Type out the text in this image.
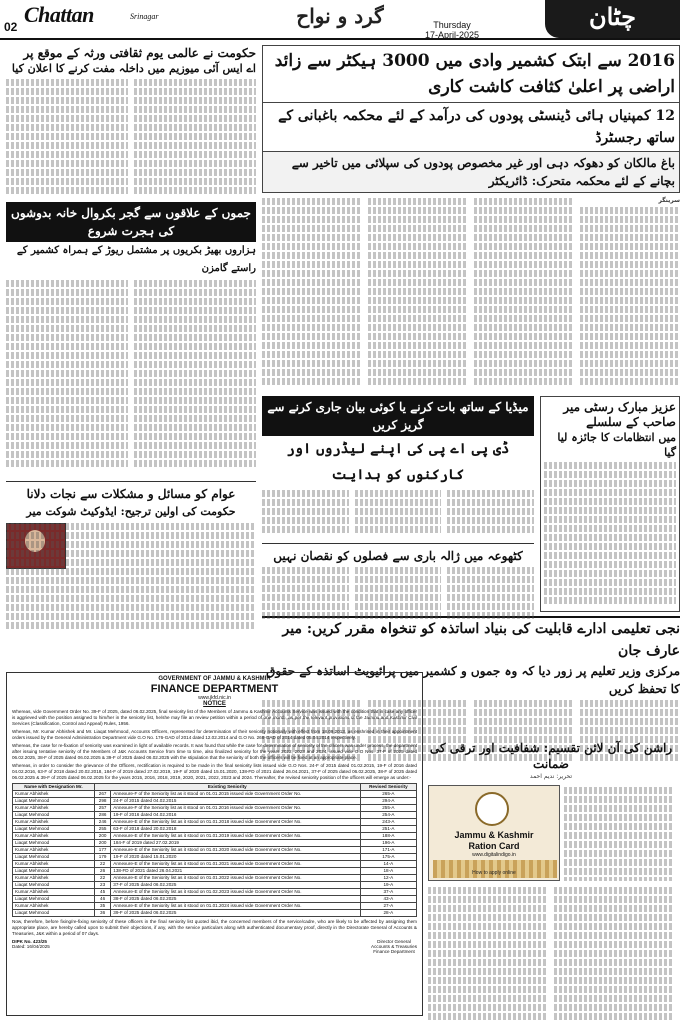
02 Chattan	Srinagar	گرد و نواح	Thursday
17-April-2025
چٹان
2016 سے ابتک کشمیر وادی میں 3000 ہیکٹر سے زائد اراضی پر اعلیٰ کثافت کاشت کاری
12 کمپنیاں ہائی ڈینسٹی پودوں کی درآمد کے لئے محکمہ باغبانی کے ساتھ رجسٹرڈ
باغ مالکان کو دھوکہ دہی اور غیر مخصوص پودوں کی سپلائی میں تاخیر سے بچانے کے لئے محکمہ متحرک: ڈائریکٹر
سرینگر
عزیز مبارک رسٹی میر صاحب کے سلسلے
میں انتظامات کا جائزہ لیا گیا
میڈیا کے ساتھ بات کرنے یا کوئی بیان جاری کرنے سے گریز کریں
ڈی پی اے پی کی اپنے لیڈروں اور کارکنوں کو ہدایت
کٹھوعہ میں ژالہ باری سے فصلوں کو نقصان نہیں
نجی تعلیمی ادارے قابلیت کی بنیاد اساتذہ کو تنخواہ مقرر کریں: میر عارف جان
مرکزی وزیر تعلیم پر زور دیا کہ وہ جموں و کشمیر میں پرائیویٹ اساتذہ کے حقوق کا تحفظ کریں
حکومت نے عالمی یوم ثقافتی ورثہ کے موقع پر
اے ایس آئی میوزیم میں داخلہ مفت کرنے کا اعلان کیا
جموں کے علاقوں سے گجر بکروال خانہ بدوشوں کی ہجرت شروع
ہزاروں بھیڑ بکریوں پر مشتمل ریوڑ کے ہمراہ کشمیر کے راستے گامزن
عوام کو مسائل و مشکلات سے نجات دلانا
حکومت کی اولین ترجیح: ایڈوکیٹ شوکت میر
GOVERNMENT OF JAMMU & KASHMIR
FINANCE DEPARTMENT
www.jkfd.nic.in
NOTICE
Whereas, vide Government Order No. 39-F of 2025, dated 06.02.2025, final seniority list of the Members of Jammu & Kashmir Accounts Service was issued with the condition that in case any officer is aggrieved with the position assigned to him/her in the seniority list, he/she may file an review petition within a period of one month, as per the relevant provisions of the Jammu and Kashmir Civil Services (Classification, Control and Appeal) Rules, 1956.
Whereas, Mr. Kumar Abhishek and Mr. Liaqat Mehmood, Accounts Officers, represented for determination of their seniority notionally with effect from 18.09.2013, as enshrined in their appointment orders issued by the General Administration Department vide G.O No. 176-GAD of 2014 dated 12.02.2014 and G.O No. 268-GAD of 2014 dated 05.04.2014 respectively.
Whereas, the case for re-fixation of seniority was examined in light of available records. It was found that while the case for determination of seniority of the officers was under process, the department after issuing tentative seniority of the Members of J&K Accounts Service from time to time, also finalized seniority for the years 2022, 2023 and 2024, issued vide G.O Nos. 37-F of 2025 dated 06.02.2025, 38-F of 2025 dated 06.02.2025 & 39-F of 2025 dated 06.02.2025 with the stipulation that the seniority of both the officers will be fixed at an appropriate place.
Whereas, in order to consider the grievance of the Officers, rectification is required to be made in the final seniority lists issued vide G.O Nos. 24-F of 2015 dated 01.02.2015, 19-F of 2016 dated 04.02.2016, 63-F of 2018 dated 20.02.2018, 184-F of 2019 dated 27.02.2019, 19-F of 2020 dated 15.01.2020, 138-FD of 2021 dated 26.04.2021, 37-F of 2025 dated 06.02.2025, 38-F of 2025 dated 06.02.2025 & 39-F of 2025 dated 06.02.2025 for the years 2015, 2016, 2018, 2019, 2020, 2021, 2022, 2023 and 2024. Thereafter, the revised seniority position of the officers will emerge as under:-
Name with Designation Mr.	Existing Seniority		Revised Seniority
Kumar Abhishek	267	Annexure-F of the Seniority list as it stood on 01.01.2015 issued vide Government Order No.	265-A
Liaqat Mehmood	298	24-F of 2015 dated 04.02.2015	294-A
Kumar Abhishek	257	Annexure-F of the Seniority list as it stood on 01.01.2016 issued vide Government Order No.	255-A
Liaqat Mehmood	286	19-F of 2016 dated 04.02.2016	254-A
Kumar Abhishek	246	Annexure-E of the Seniority list as it stood on 01.01.2018 issued vide Government Order No.	243-A
Liaqat Mehmood	255	63-F of 2018 dated 20.02.2018	251-A
Kumar Abhishek	200	Annexure-E of the Seniority list as it stood on 01.01.2019 issued vide Government Order No.	188-A
Liaqat Mehmood	200	184-F of 2019 dated 27.02.2019	196-A
Kumar Abhishek	177	Annexure-E of the Seniority list as it stood on 01.01.2020 issued vide Government Order No.	171-A
Liaqat Mehmood	179	19-F of 2020 dated 15.01.2020	175-A
Kumar Abhishek	22	Annexure-E of the Seniority list as it stood on 01.01.2021 issued vide Government Order No.	14-A
Liaqat Mehmood	26	138-FD of 2021 dated 26.04.2021	18-A
Kumar Abhishek	22	Annexure-E of the Seniority list as it stood on 01.01.2022 issued vide Government Order No.	12-A
Liaqat Mehmood	23	37-F of 2025 dated 06.02.2025	19-A
Kumar Abhishek	45	Annexure-E of the Seniority list as it stood on 01.02.2023 issued vide Government Order No.	37-A
Liaqat Mehmood	46	38-F of 2025 dated 06.02.2025	43-A
Kumar Abhishek	35	Annexure-E of the Seniority list as it stood on 01.01.2024 issued vide Government Order No.	27-A
Liaqat Mehmood	36	39-F of 2025 dated 06.02.2025	28-A
Now, therefore, before fixing/re-fixing seniority of these officers in the final seniority list quoted ibid, the concerned members of the service/cadre, who are likely to be affected by assigning them appropriate place, are hereby called upon to submit their objections, if any, with the service particulars along with authenticated documentary proof, directly in the Directorate General of Accounts & Treasuries, J&K within a period of 07 days.
DIPK No. 423/25
Dated: 16/04/2025
Director General
Accounts & Treasuries
Finance Department
راشن کی آن لائن تقسیم: شفافیت اور ترقی کی ضمانت
تحریر: ندیم احمد
Jammu & Kashmir
Ration Card
www.digitalindigo.in
How to apply online
